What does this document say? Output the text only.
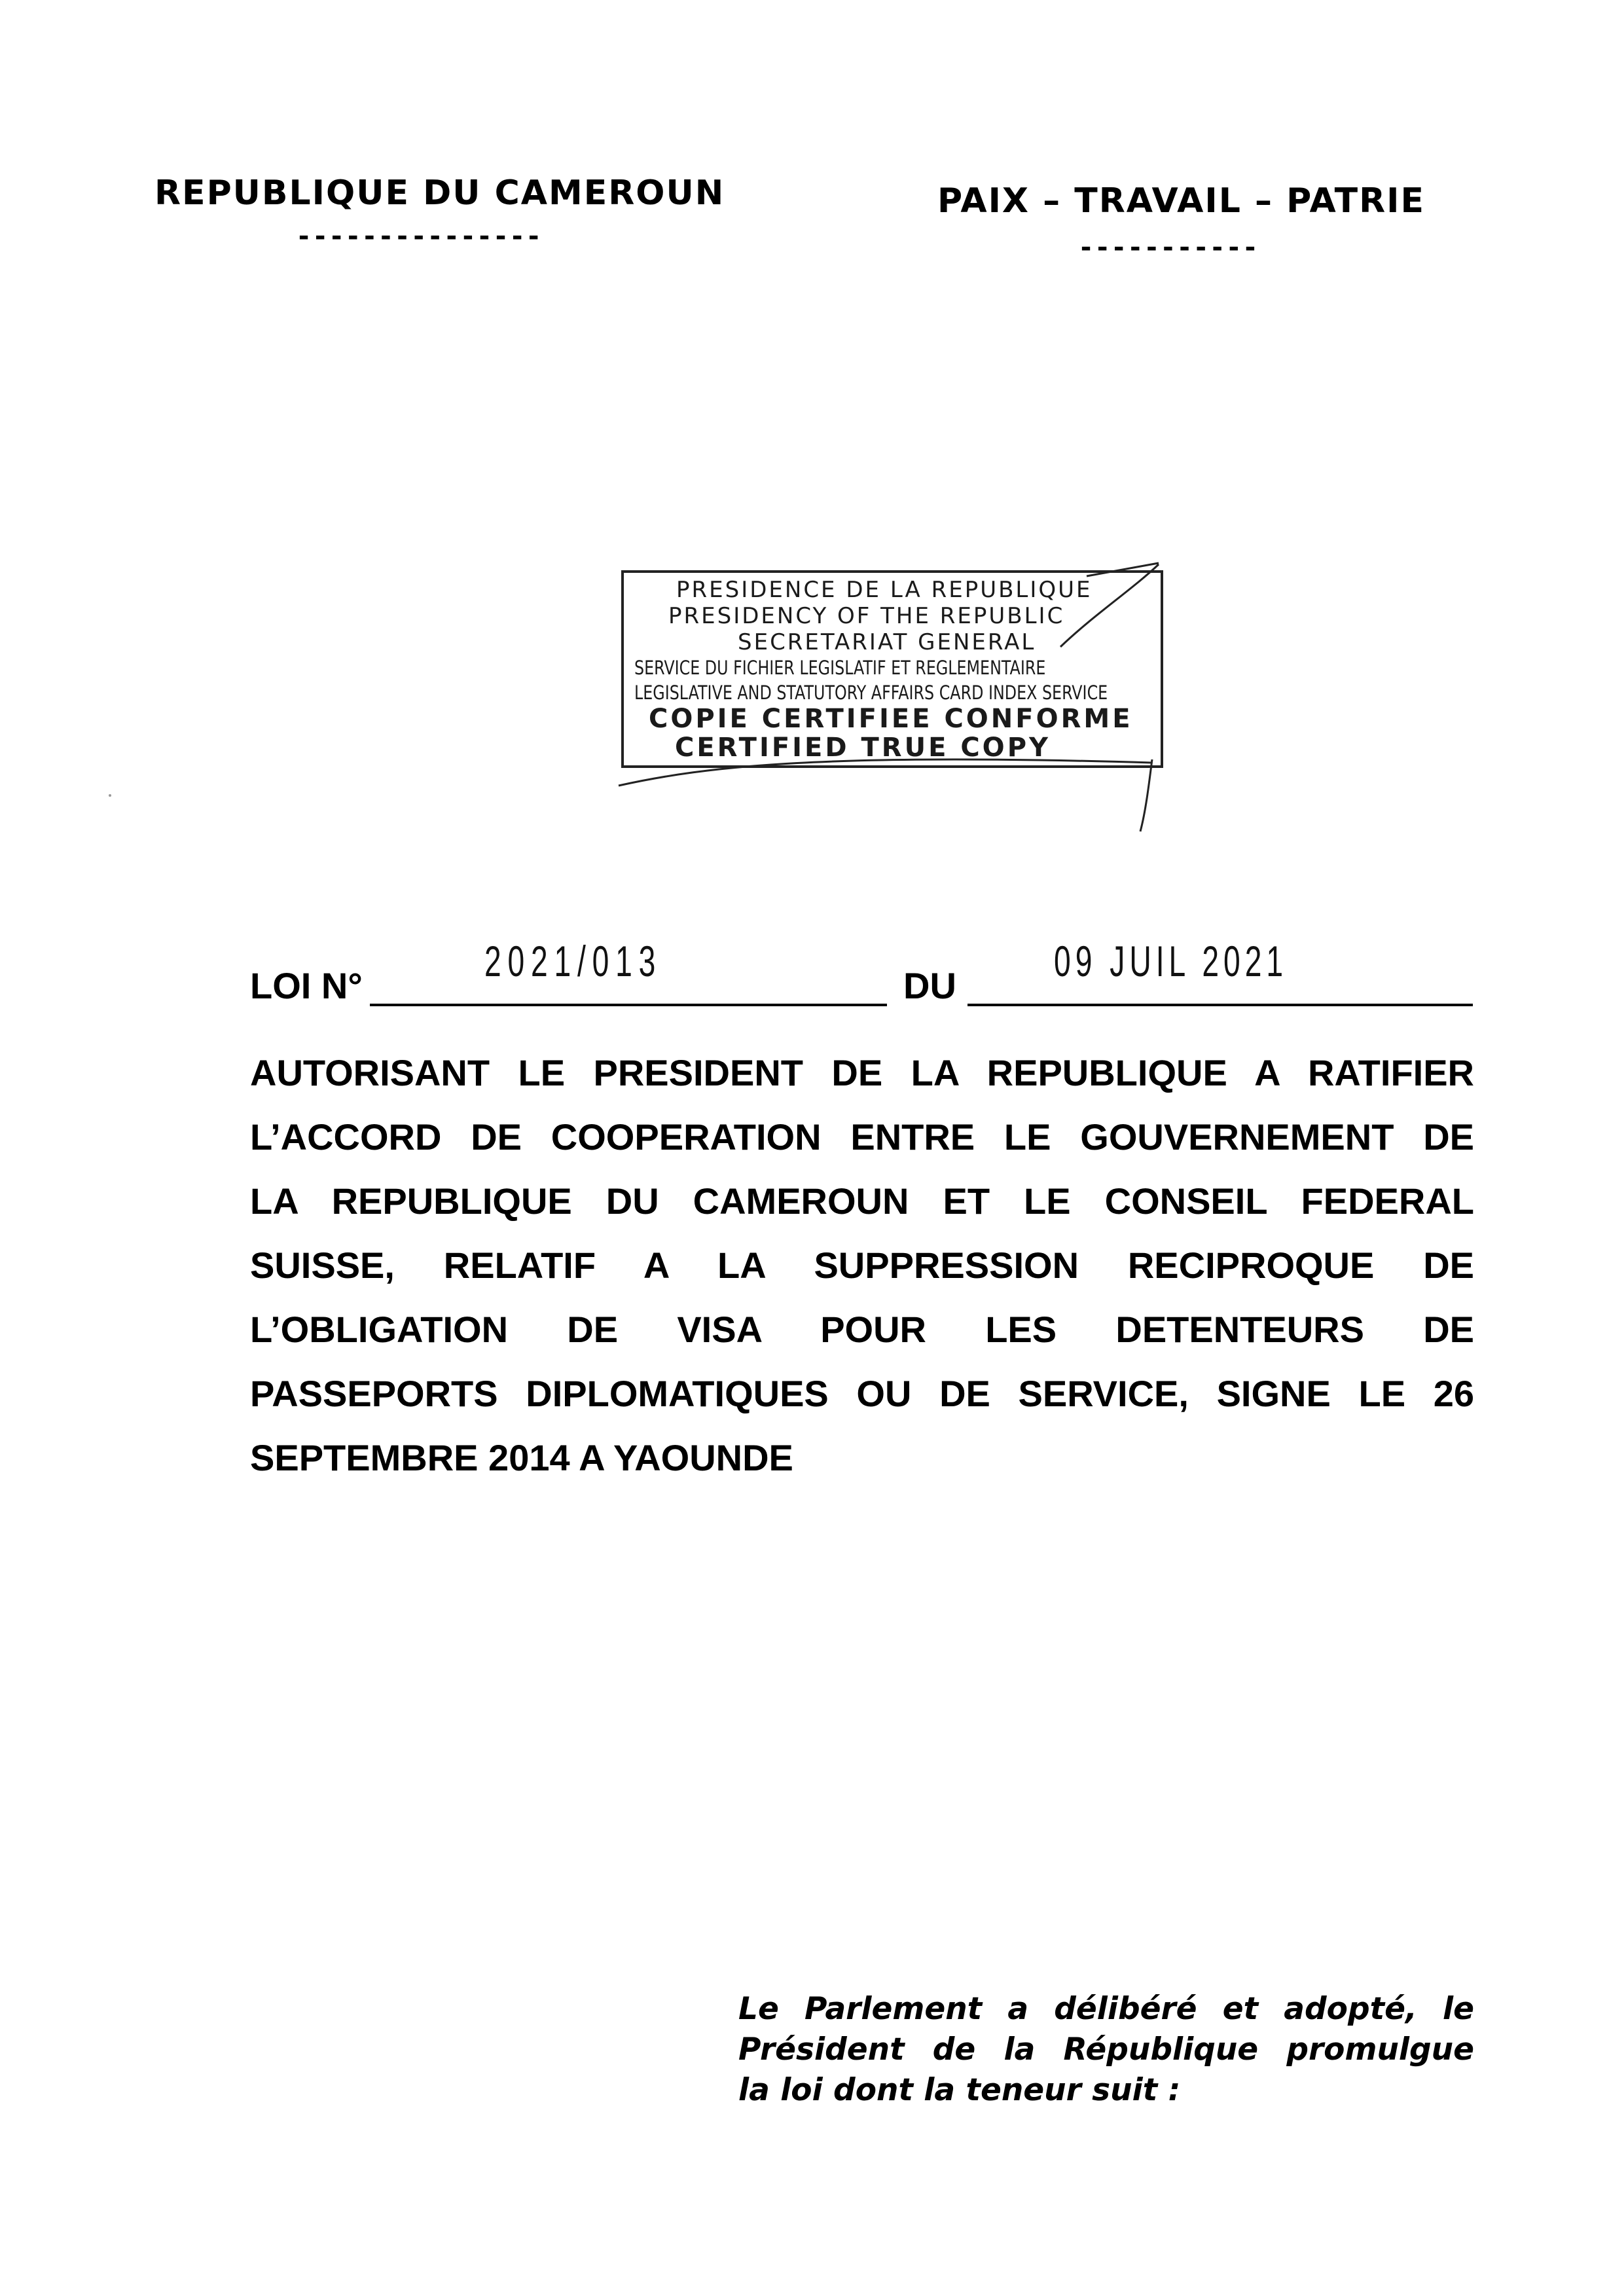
REPUBLIQUE DU CAMEROUN
---------------
PAIX – TRAVAIL – PATRIE
-----------
PRESIDENCE DE LA REPUBLIQUE
PRESIDENCY OF THE REPUBLIC
SECRETARIAT GENERAL
SERVICE DU FICHIER LEGISLATIF ET REGLEMENTAIRE
LEGISLATIVE AND STATUTORY AFFAIRS CARD INDEX SERVICE
COPIE CERTIFIEE CONFORME
CERTIFIED TRUE COPY
LOI N°
2021/013
DU
09 JUIL 2021
AUTORISANT LE PRESIDENT DE LA REPUBLIQUE A RATIFIER
L’ACCORD DE COOPERATION ENTRE LE GOUVERNEMENT DE
LA REPUBLIQUE DU CAMEROUN ET LE CONSEIL FEDERAL
SUISSE, RELATIF A LA SUPPRESSION RECIPROQUE DE
L’OBLIGATION DE VISA POUR LES DETENTEURS DE
PASSEPORTS DIPLOMATIQUES OU DE SERVICE, SIGNE LE 26
SEPTEMBRE 2014 A YAOUNDE
Le Parlement a délibéré et adopté, le
Président de la République promulgue
la loi dont la teneur suit :
